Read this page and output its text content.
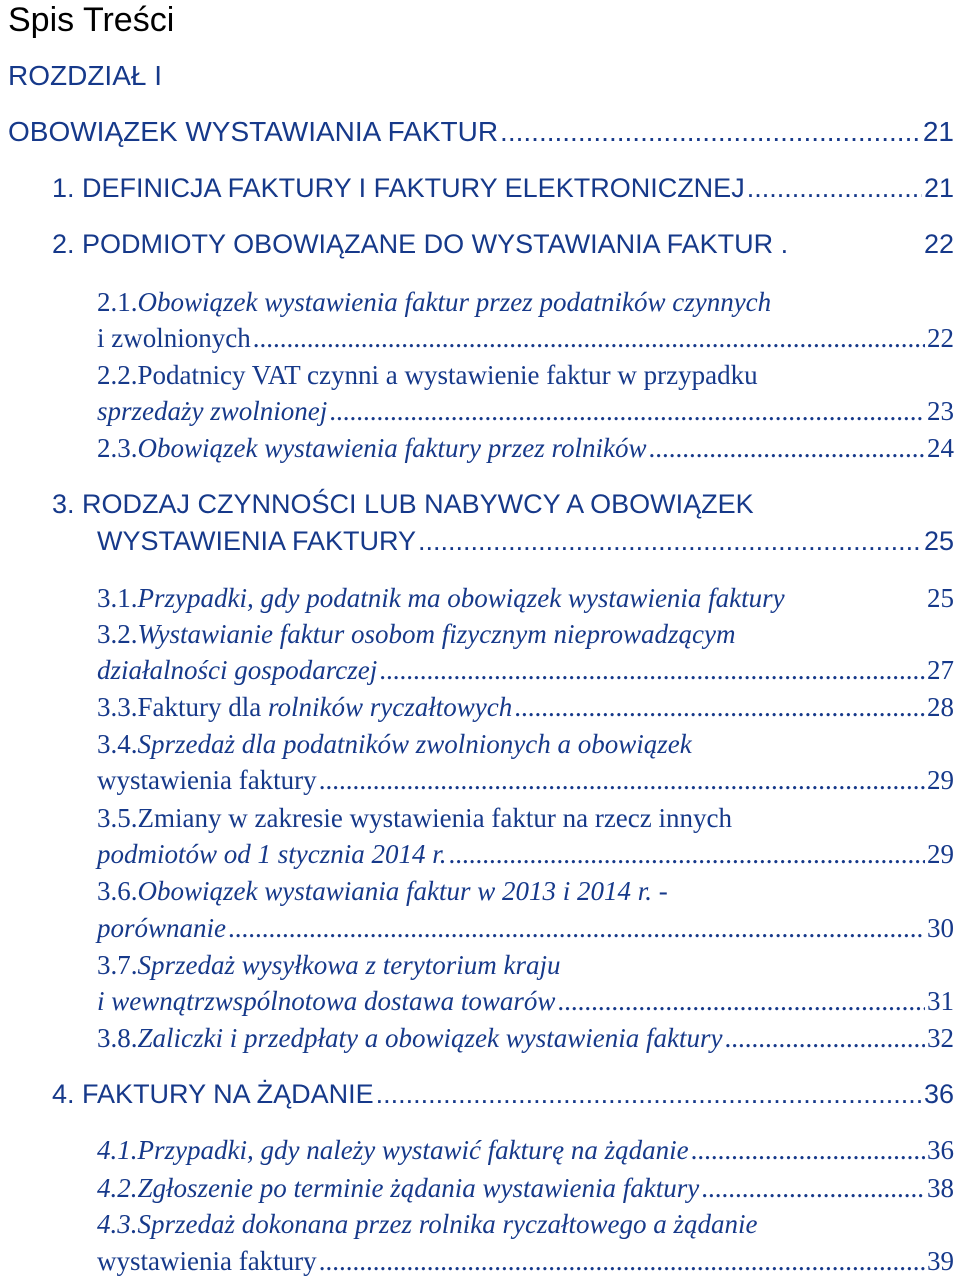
Spis Treści
ROZDZIAŁ I
OBOWIĄZEK WYSTAWIANIA FAKTUR .....	21
1. DEFINICJA FAKTURY I FAKTURY ELEKTRONICZNEJ .....	21
2. PODMIOTY OBOWIĄZANE DO WYSTAWIANIA FAKTUR .	22
2.1.Obowiązek wystawienia faktur przez podatników czynnych
i zwolnionych .....	22
2.2.Podatnicy VAT czynni a wystawienie faktur w przypadku
sprzedaży zwolnionej .....	23
2.3.Obowiązek wystawienia faktury przez rolników .....	24
3. RODZAJ CZYNNOŚCI LUB NABYWCY A OBOWIĄZEK
WYSTAWIENIA FAKTURY .....	25
3.1.Przypadki, gdy podatnik ma obowiązek wystawienia faktury	25
3.2.Wystawianie faktur osobom fizycznym nieprowadzącym
działalności gospodarczej .....	27
3.3.Faktury dla rolników ryczałtowych .....	28
3.4.Sprzedaż dla podatników zwolnionych a obowiązek
wystawienia faktury .....	29
3.5.Zmiany w zakresie wystawienia faktur na rzecz innych
podmiotów od 1 stycznia 2014 r. .....	29
3.6.Obowiązek wystawiania faktur w 2013 i 2014 r. -
porównanie .....	30
3.7.Sprzedaż wysyłkowa z terytorium kraju
i wewnątrzwspólnotowa dostawa towarów .....	31
3.8.Zaliczki i przedpłaty a obowiązek wystawienia faktury .....	32
4. FAKTURY NA ŻĄDANIE .....	36
4.1.Przypadki, gdy należy wystawić fakturę na żądanie .....	36
4.2.Zgłoszenie po terminie żądania wystawienia faktury .....	38
4.3.Sprzedaż dokonana przez rolnika ryczałtowego a żądanie
wystawienia faktury .....	39
